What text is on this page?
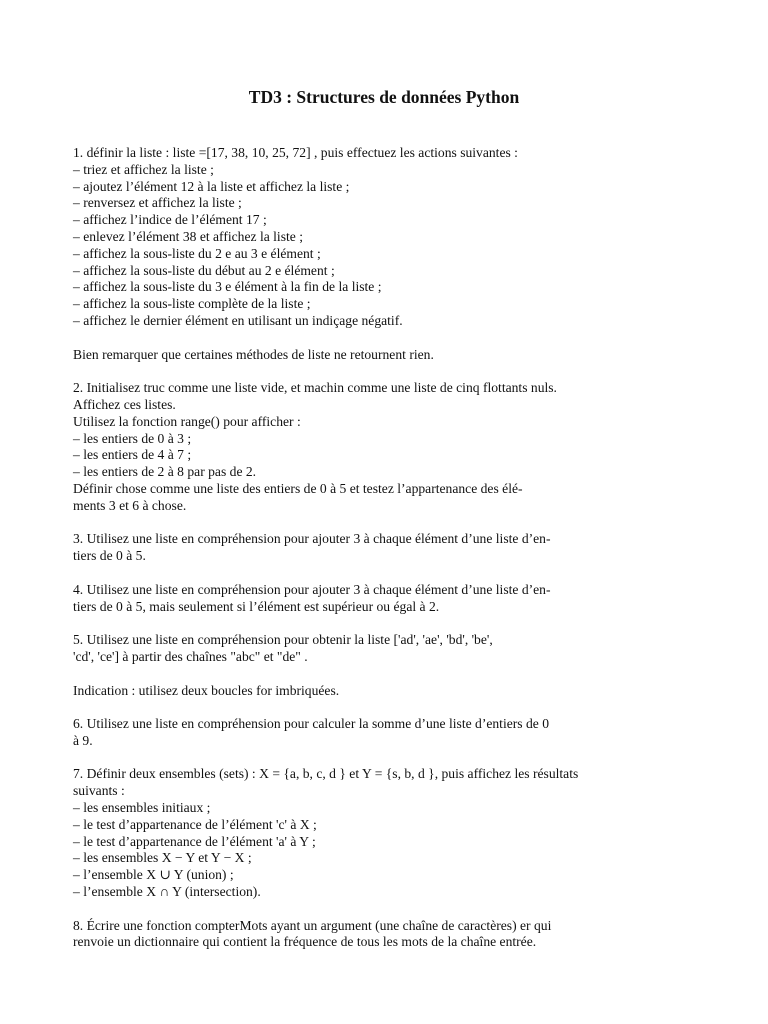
TD3 : Structures de données Python
1. définir la liste : liste =[17, 38, 10, 25, 72] , puis effectuez les actions suivantes :
– triez et affichez la liste ;
– ajoutez l’élément 12 à la liste et affichez la liste ;
– renversez et affichez la liste ;
– affichez l’indice de l’élément 17 ;
– enlevez l’élément 38 et affichez la liste ;
– affichez la sous-liste du 2 e au 3 e élément ;
– affichez la sous-liste du début au 2 e élément ;
– affichez la sous-liste du 3 e élément à la fin de la liste ;
– affichez la sous-liste complète de la liste ;
– affichez le dernier élément en utilisant un indiçage négatif.
Bien remarquer que certaines méthodes de liste ne retournent rien.
2. Initialisez truc comme une liste vide, et machin comme une liste de cinq flottants nuls.
Affichez ces listes.
Utilisez la fonction range() pour afficher :
– les entiers de 0 à 3 ;
– les entiers de 4 à 7 ;
– les entiers de 2 à 8 par pas de 2.
Définir chose comme une liste des entiers de 0 à 5 et testez l’appartenance des élé-
ments 3 et 6 à chose.
3. Utilisez une liste en compréhension pour ajouter 3 à chaque élément d’une liste d’en-
tiers de 0 à 5.
4. Utilisez une liste en compréhension pour ajouter 3 à chaque élément d’une liste d’en-
tiers de 0 à 5, mais seulement si l’élément est supérieur ou égal à 2.
5. Utilisez une liste en compréhension pour obtenir la liste ['ad', 'ae', 'bd', 'be',
'cd', 'ce'] à partir des chaînes "abc" et "de" .
Indication : utilisez deux boucles for imbriquées.
6. Utilisez une liste en compréhension pour calculer la somme d’une liste d’entiers de 0
à 9.
7. Définir deux ensembles (sets) : X = {a, b, c, d } et Y = {s, b, d }, puis affichez les résultats
suivants :
– les ensembles initiaux ;
– le test d’appartenance de l’élément 'c' à X ;
– le test d’appartenance de l’élément 'a' à Y ;
– les ensembles X − Y et Y − X ;
– l’ensemble X ∪ Y (union) ;
– l’ensemble X ∩ Y (intersection).
8. Écrire une fonction compterMots ayant un argument (une chaîne de caractères) er qui
renvoie un dictionnaire qui contient la fréquence de tous les mots de la chaîne entrée.
